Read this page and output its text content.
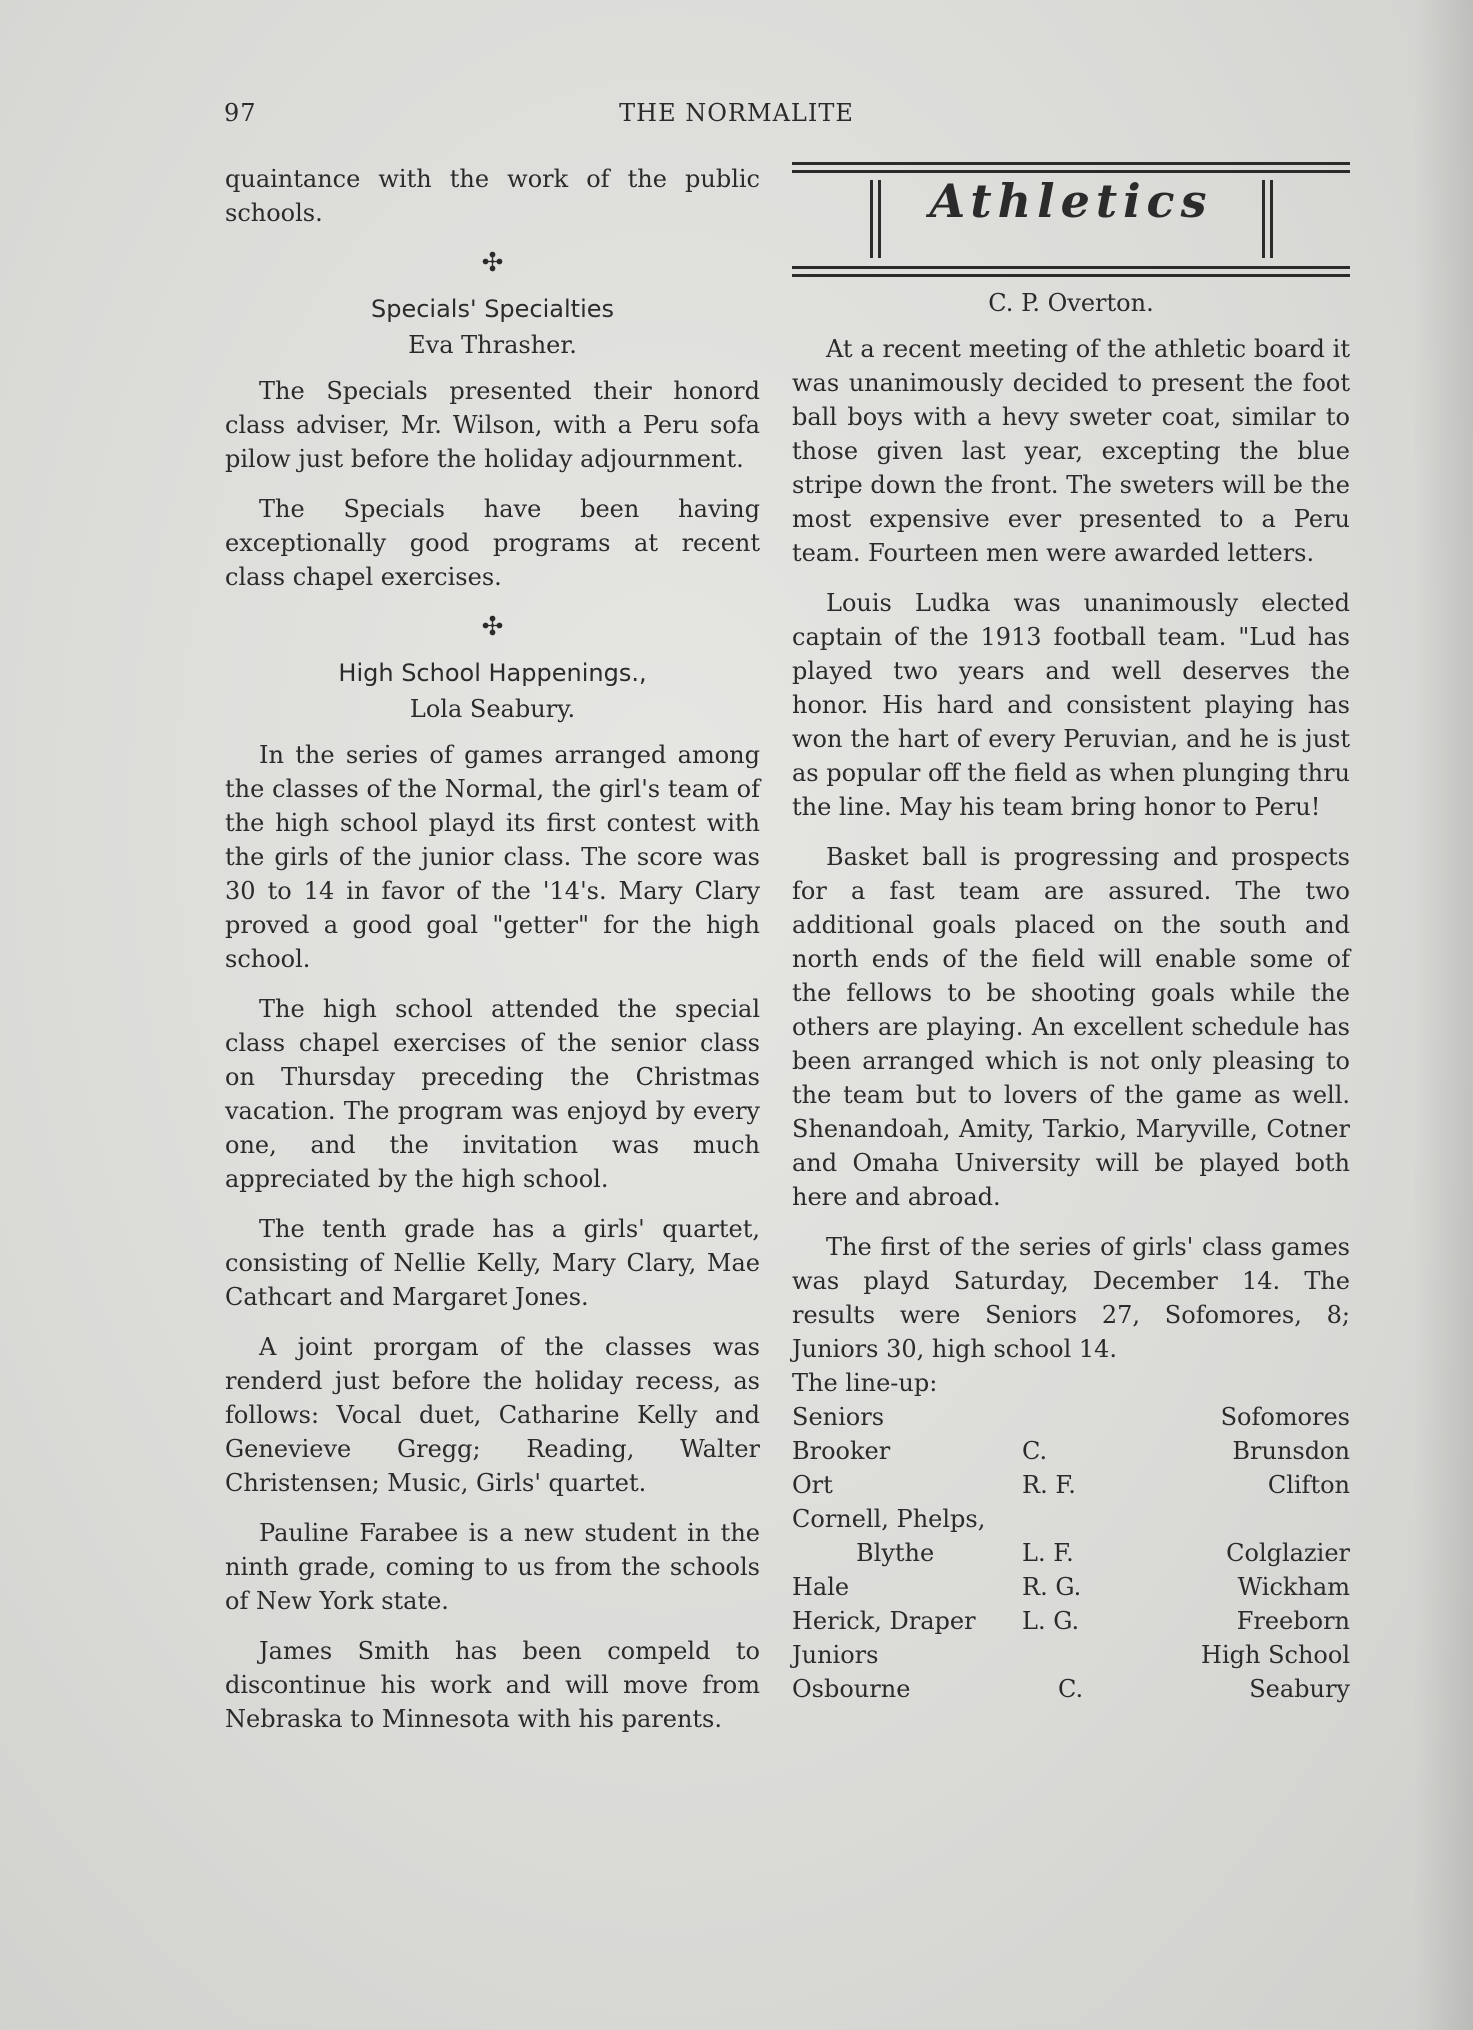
97	THE NORMALITE

quaintance with the work of the public schools.

✣
Specials' Specialties
Eva Thrasher.

The Specials presented their honord class adviser, Mr. Wilson, with a Peru sofa pilow just before the holiday adjournment.

The Specials have been having exceptionally good programs at recent class chapel exercises.

✣
High School Happenings.,
Lola Seabury.

In the series of games arranged among the classes of the Normal, the girl's team of the high school playd its first contest with the girls of the junior class. The score was 30 to 14 in favor of the '14's. Mary Clary proved a good goal "getter" for the high school.

The high school attended the special class chapel exercises of the senior class on Thursday preceding the Christmas vacation. The program was enjoyd by every one, and the invitation was much appreciated by the high school.

The tenth grade has a girls' quartet, consisting of Nellie Kelly, Mary Clary, Mae Cathcart and Margaret Jones.

A joint prorgam of the classes was renderd just before the holiday recess, as follows: Vocal duet, Catharine Kelly and Genevieve Gregg; Reading, Walter Christensen; Music, Girls' quartet.

Pauline Farabee is a new student in the ninth grade, coming to us from the schools of New York state.

James Smith has been compeld to discontinue his work and will move from Nebraska to Minnesota with his parents.

Athletics
C. P. Overton.

At a recent meeting of the athletic board it was unanimously decided to present the foot ball boys with a hevy sweter coat, similar to those given last year, excepting the blue stripe down the front. The sweters will be the most expensive ever presented to a Peru team. Fourteen men were awarded letters.

Louis Ludka was unanimously elected captain of the 1913 football team. "Lud has played two years and well deserves the honor. His hard and consistent playing has won the hart of every Peruvian, and he is just as popular off the field as when plunging thru the line. May his team bring honor to Peru!

Basket ball is progressing and prospects for a fast team are assured. The two additional goals placed on the south and north ends of the field will enable some of the fellows to be shooting goals while the others are playing. An excellent schedule has been arranged which is not only pleasing to the team but to lovers of the game as well. Shenandoah, Amity, Tarkio, Maryville, Cotner and Omaha University will be played both here and abroad.

The first of the series of girls' class games was playd Saturday, December 14. The results were Seniors 27, Sofomores, 8; Juniors 30, high school 14.

The line-up:
Seniors	Sofomores
Brooker	C.	Brunsdon
Ort	R. F.	Clifton
Cornell, Phelps,
Blythe	L. F.	Colglazier
Hale	R. G.	Wickham
Herick, Draper	L. G.	Freeborn
Juniors	High School
Osbourne	C.	Seabury
